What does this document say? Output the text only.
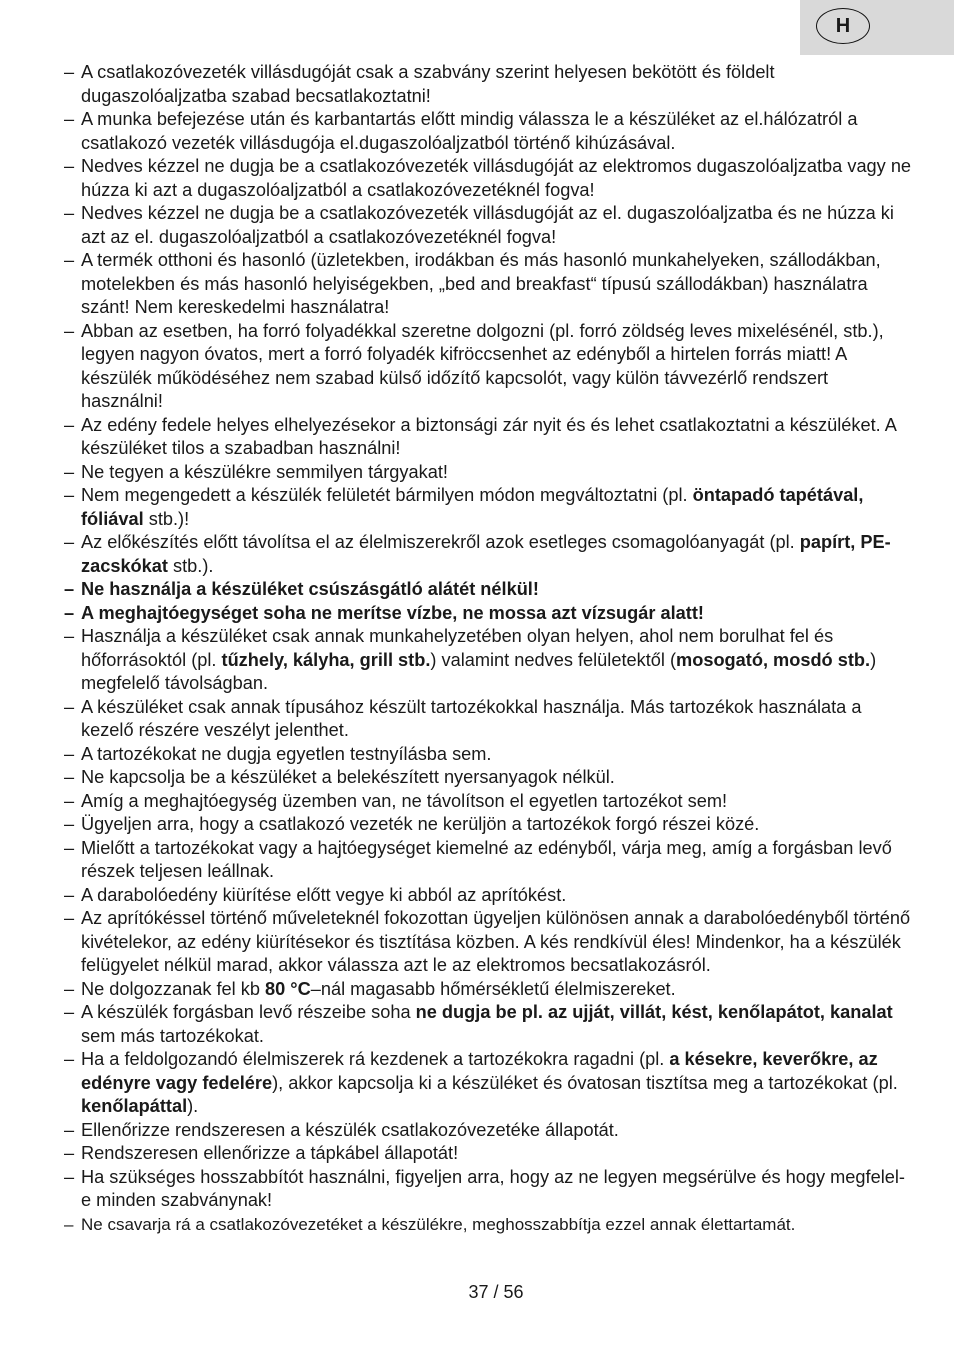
H
– A csatlakozóvezeték villásdugóját csak a szabvány szerint helyesen bekötött és földelt dugaszolóaljzatba szabad becsatlakoztatni!
– A munka befejezése után és karbantartás előtt mindig válassza le a készüléket az el.hálózatról a csatlakozó vezeték villásdugója el.dugaszolóaljzatból történő kihúzásával.
– Nedves kézzel ne dugja be a csatlakozóvezeték villásdugóját az elektromos dugaszolóaljzatba vagy ne húzza ki azt a dugaszolóaljzatból a csatlakozóvezetéknél fogva!
– Nedves kézzel ne dugja be a csatlakozóvezeték villásdugóját az el. dugaszolóaljzatba és ne húzza ki azt az el. dugaszolóaljzatból a csatlakozóvezetéknél fogva!
– A termék otthoni és hasonló (üzletekben, irodákban és más hasonló munkahelyeken, szállodákban, motelekben és más hasonló helyiségekben, „bed and breakfast“ típusú szállodákban) használatra szánt! Nem kereskedelmi használatra!
– Abban az esetben, ha forró folyadékkal szeretne dolgozni (pl. forró zöldség leves mixelésénél, stb.), legyen nagyon óvatos, mert a forró folyadék kifröccsenhet az edényből a hirtelen forrás miatt! A készülék működéséhez nem szabad külső időzítő kapcsolót, vagy külön távvezérlő rendszert használni!
– Az edény fedele helyes elhelyezésekor a biztonsági zár nyit és és lehet csatlakoztatni a készüléket. A készüléket tilos a szabadban használni!
– Ne tegyen a készülékre semmilyen tárgyakat!
– Nem megengedett a készülék felületét bármilyen módon megváltoztatni (pl. öntapadó tapétával, fóliával stb.)!
– Az előkészítés előtt távolítsa el az élelmiszerekről azok esetleges csomagolóanyagát (pl. papírt, PE-zacskókat stb.).
– Ne használja a készüléket csúszásgátló alátét nélkül!
– A meghajtóegységet soha ne merítse vízbe, ne mossa azt vízsugár alatt!
– Használja a készüléket csak annak munkahelyzetében olyan helyen, ahol nem borulhat fel és hőforrásoktól (pl. tűzhely, kályha, grill stb.) valamint nedves felületektől (mosogató, mosdó stb.) megfelelő távolságban.
– A készüléket csak annak típusához készült tartozékokkal használja. Más tartozékok használata a kezelő részére veszélyt jelenthet.
– A tartozékokat ne dugja egyetlen testnyílásba sem.
– Ne kapcsolja be a készüléket a belekészített nyersanyagok nélkül.
– Amíg a meghajtóegység üzemben van, ne távolítson el egyetlen tartozékot sem!
– Ügyeljen arra, hogy a csatlakozó vezeték ne kerüljön a tartozékok forgó részei közé.
– Mielőtt a tartozékokat vagy a hajtóegységet kiemelné az edényből, várja meg, amíg a forgásban levő részek teljesen leállnak.
– A darabolóedény kiürítése előtt vegye ki abból az aprítókést.
– Az aprítókéssel történő műveleteknél fokozottan ügyeljen különösen annak a darabolóedényből történő kivételekor, az edény kiürítésekor és tisztítása közben. A kés rendkívül éles! Mindenkor, ha a készülék felügyelet nélkül marad, akkor válassza azt le az elektromos becsatlakozásról.
– Ne dolgozzanak fel kb 80 °C–nál magasabb hőmérsékletű élelmiszereket.
– A készülék forgásban levő részeibe soha ne dugja be pl. az ujját, villát, kést, kenőlapátot, kanalat sem más tartozékokat.
– Ha a feldolgozandó élelmiszerek rá kezdenek a tartozékokra ragadni (pl. a késekre, keverőkre, az edényre vagy fedelére), akkor kapcsolja ki a készüléket és óvatosan tisztítsa meg a tartozékokat (pl. kenőlapáttal).
– Ellenőrizze rendszeresen a készülék csatlakozóvezetéke állapotát.
– Rendszeresen ellenőrizze a tápkábel állapotát!
– Ha szükséges hosszabbítót használni, figyeljen arra, hogy az ne legyen megsérülve és hogy megfelel-e minden szabványnak!
– Ne csavarja rá a csatlakozóvezetéket a készülékre, meghosszabbítja ezzel annak élettartamát.
37 / 56
